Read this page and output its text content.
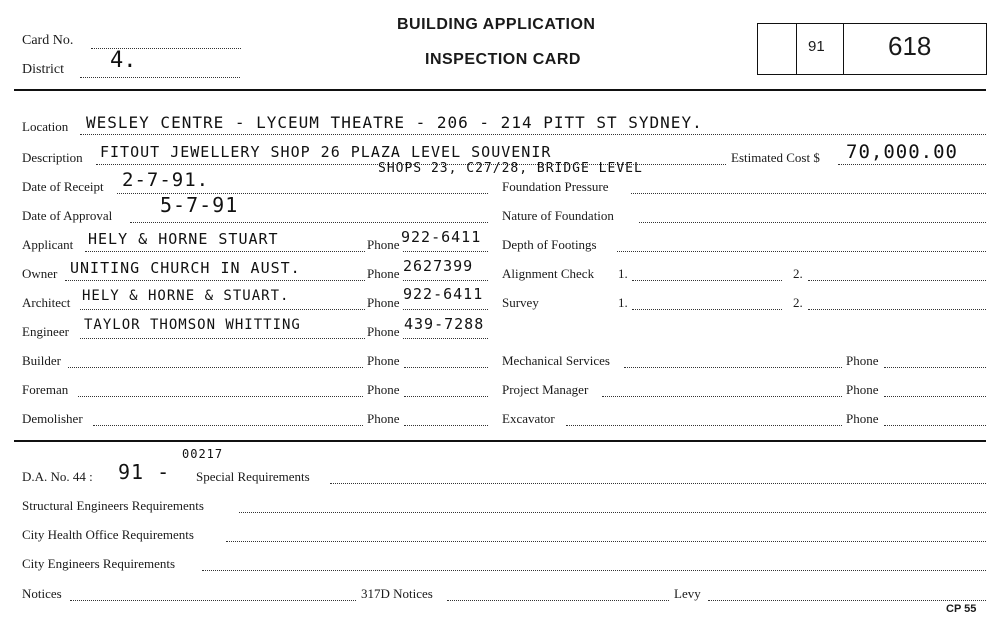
Card No.
District 4.
BUILDING APPLICATION
INSPECTION CARD
91 618
Location WESLEY CENTRE - LYCEUM THEATRE - 206 - 214 PITT ST SYDNEY.
Description FITOUT JEWELLERY SHOP 26 PLAZA LEVEL SOUVENIR
SHOPS 23, C27/28, BRIDGE LEVEL
Estimated Cost $ 70,000.00
Date of Receipt 2-7-91.
Date of Approval 5-7-91
Applicant HELY & HORNE STUART	Phone 922-6411
Owner UNITING CHURCH IN AUST.	Phone 2627399
Architect HELY & HORNE & STUART.	Phone 922-6411
Engineer TAYLOR THOMSON WHITTING	Phone 439-7288
Builder	Phone
Foreman	Phone
Demolisher	Phone
Foundation Pressure
Nature of Foundation
Depth of Footings
Alignment Check 1.	2.
Survey	1.	2.
Mechanical Services	Phone
Project Manager	Phone
Excavator	Phone
D.A. No. 44 : 91 -
00217
Special Requirements
Structural Engineers Requirements
City Health Office Requirements
City Engineers Requirements
Notices	317D Notices	Levy
CP 55
